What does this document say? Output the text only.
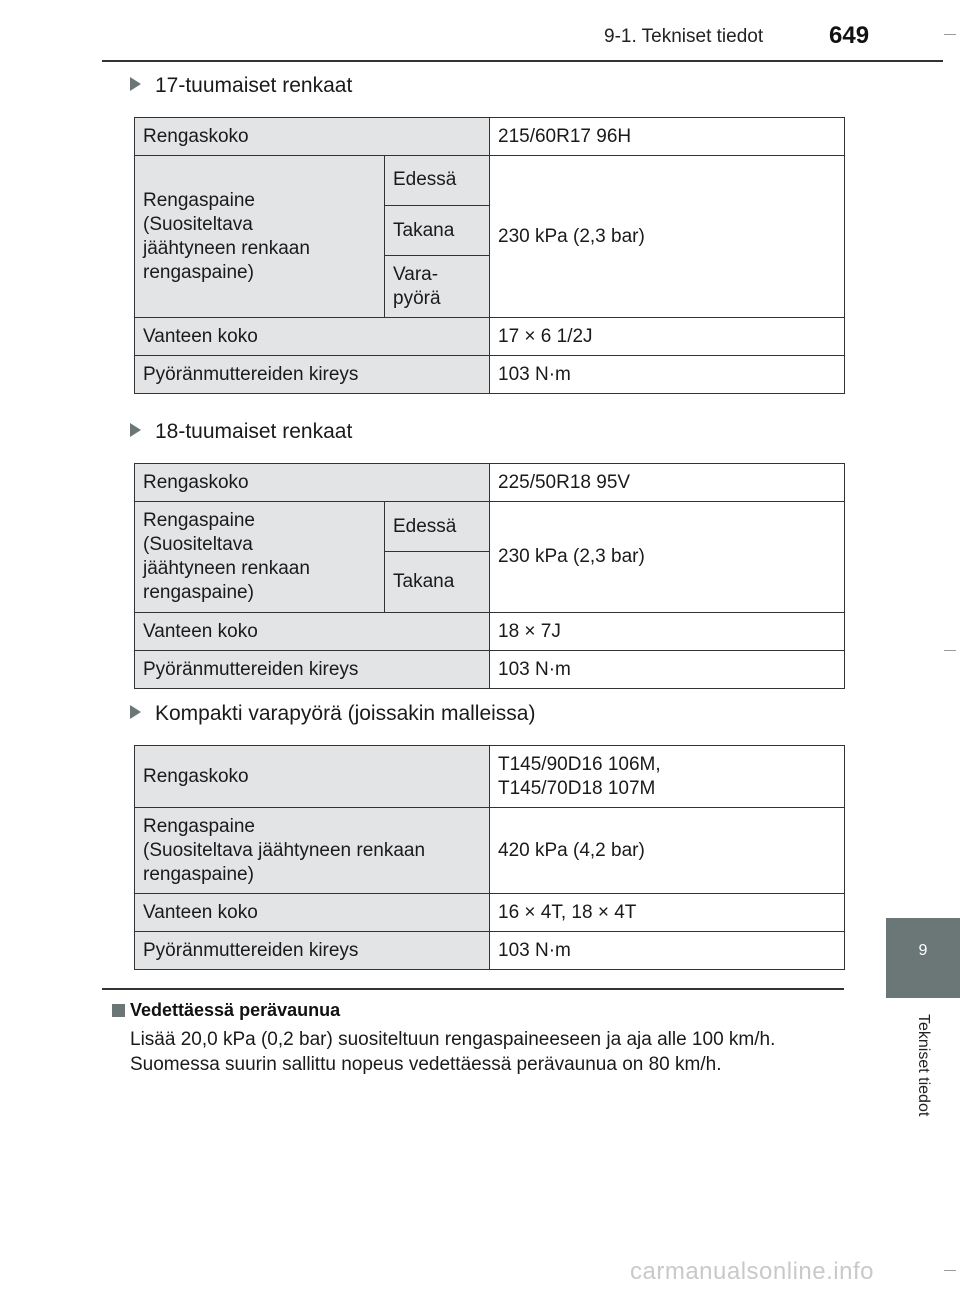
9-1. Tekniset tiedot	649
9
Tekniset tiedot
17-tuumaiset renkaat
Rengaskoko		215/60R17 96H
Rengaspaine
(Suositeltava
jäähtyneen renkaan
rengaspaine)	Edessä	230 kPa (2,3 bar)
	Takana	
	Vara-
pyörä	
Vanteen koko		17 × 6 1/2J
Pyöränmuttereiden kireys		103 N·m
18-tuumaiset renkaat
Rengaskoko		225/50R18 95V
Rengaspaine
(Suositeltava
jäähtyneen renkaan
rengaspaine)	Edessä	230 kPa (2,3 bar)
	Takana	
Vanteen koko		18 × 7J
Pyöränmuttereiden kireys		103 N·m
Kompakti varapyörä (joissakin malleissa)
Rengaskoko	T145/90D16 106M,
T145/70D18 107M
Rengaspaine
(Suositeltava jäähtyneen renkaan
rengaspaine)	420 kPa (4,2 bar)
Vanteen koko	16 × 4T, 18 × 4T
Pyöränmuttereiden kireys	103 N·m
Vedettäessä perävaunua

Lisää 20,0 kPa (0,2 bar) suositeltuun rengaspaineeseen ja aja alle 100 km/h.

Suomessa suurin sallittu nopeus vedettäessä perävaunua on 80 km/h.

carmanualsonline.info
